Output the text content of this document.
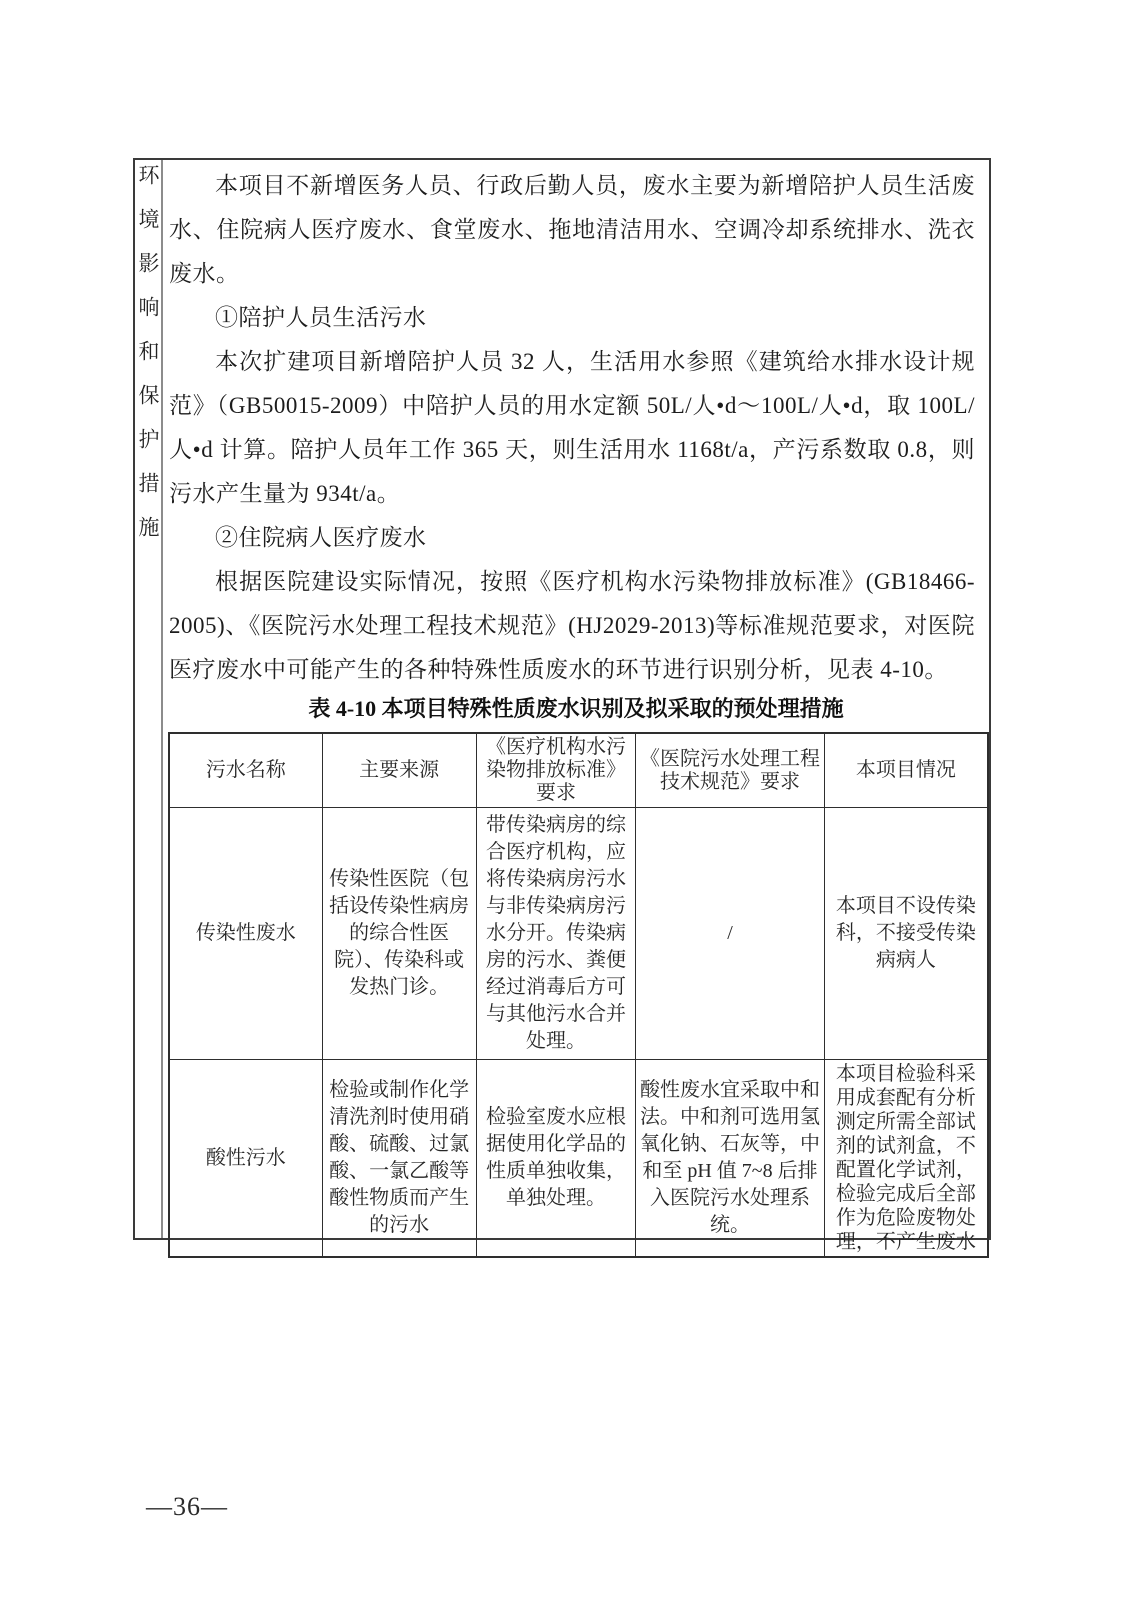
环境影响和保护措施	本项目不新增医务人员、行政后勤人员，废水主要为新增陪护人员生活废水、住院病人医疗废水、食堂废水、拖地清洁用水、空调冷却系统排水、洗衣废水。

①陪护人员生活污水

本次扩建项目新增陪护人员 32 人，生活用水参照《建筑给水排水设计规范》（GB50015-2009）中陪护人员的用水定额 50L/人•d～100L/人•d，取 100L/人•d 计算。陪护人员年工作 365 天，则生活用水 1168t/a，产污系数取 0.8，则污水产生量为 934t/a。

②住院病人医疗废水

根据医院建设实际情况，按照《医疗机构水污染物排放标准》(GB18466-2005)、《医院污水处理工程技术规范》(HJ2029-2013)等标准规范要求，对医院医疗废水中可能产生的各种特殊性质废水的环节进行识别分析，见表 4-10。

表 4-10 本项目特殊性质废水识别及拟采取的预处理措施
污水名称	主要来源	《医疗机构水污染物排放标准》要求	《医院污水处理工程技术规范》要求	本项目情况
传染性废水	传染性医院（包括设传染性病房的综合性医院）、传染科或发热门诊。	带传染病房的综合医疗机构，应将传染病房污水与非传染病房污水分开。传染病房的污水、粪便经过消毒后方可与其他污水合并处理。	/	本项目不设传染科，不接受传染病病人
酸性污水	检验或制作化学清洗剂时使用硝酸、硫酸、过氯酸、一氯乙酸等酸性物质而产生的污水	检验室废水应根据使用化学品的性质单独收集，单独处理。	酸性废水宜采取中和法。中和剂可选用氢氧化钠、石灰等，中和至 pH 值 7~8 后排入医院污水处理系统。	本项目检验科采用成套配有分析测定所需全部试剂的试剂盒，不配置化学试剂，检验完成后全部作为危险废物处理，不产生废水
—36—
